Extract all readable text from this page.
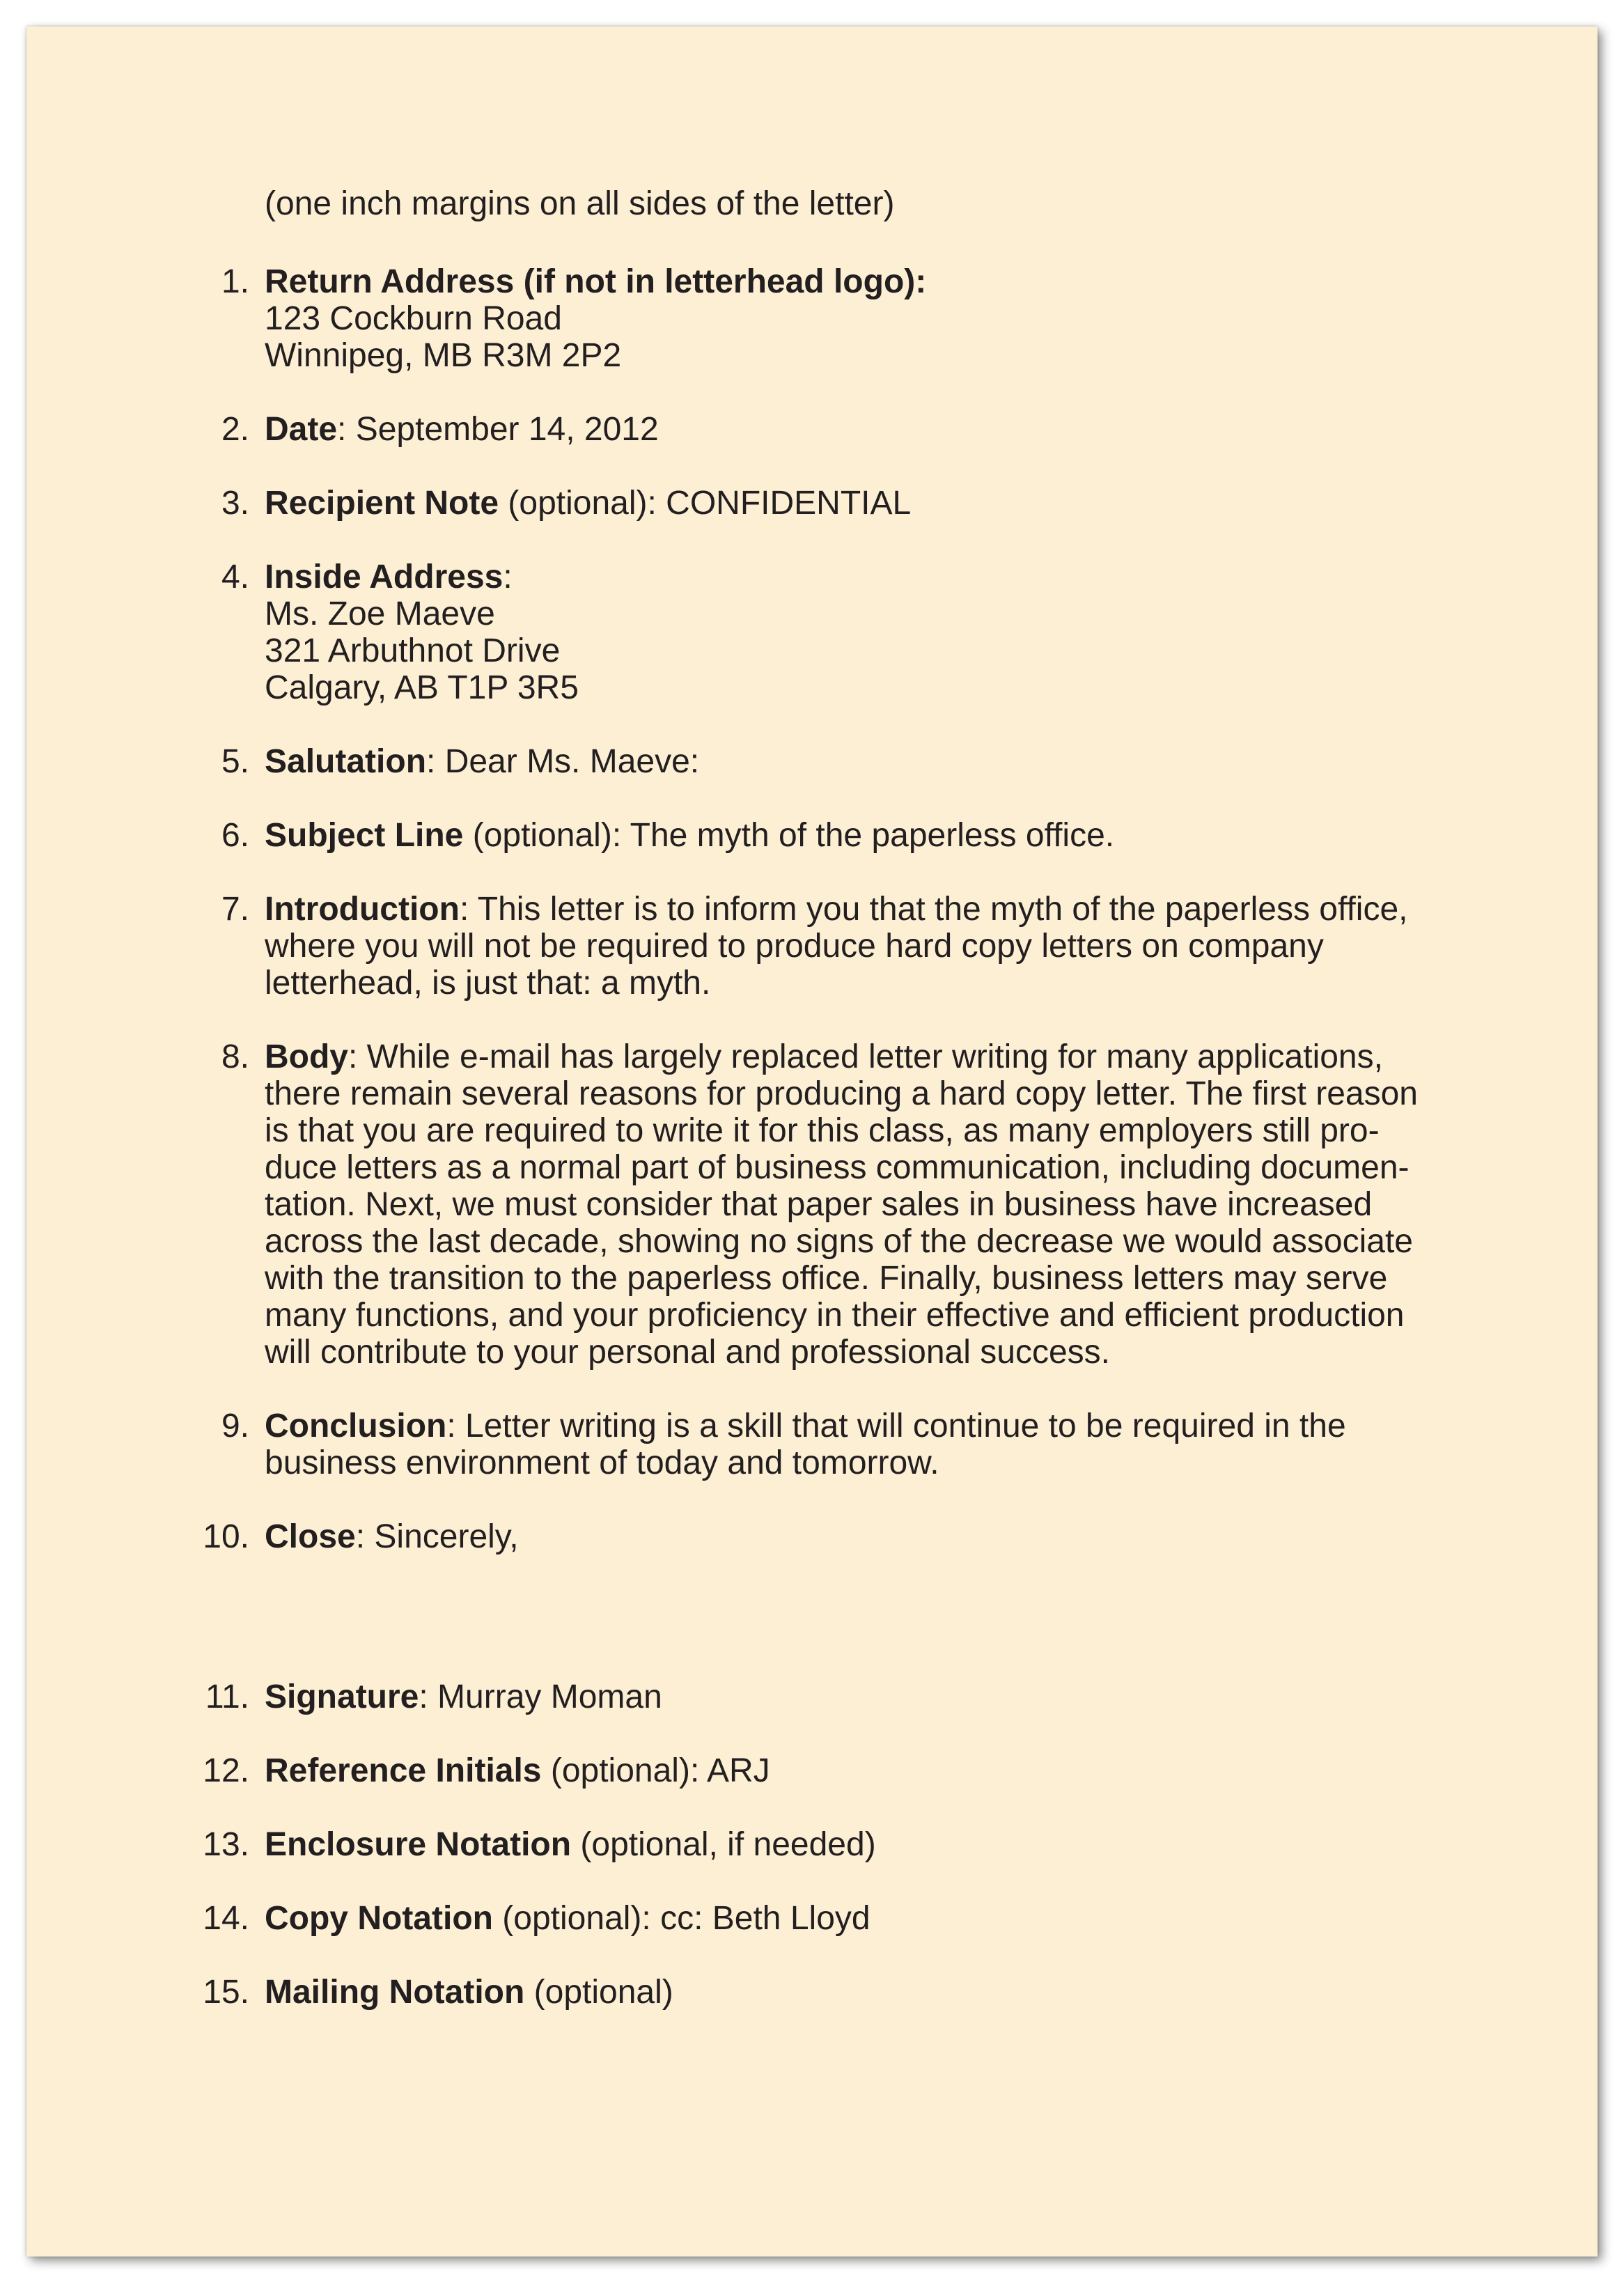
(one inch margins on all sides of the letter)

1. Return Address (if not in letterhead logo):
123 Cockburn Road
Winnipeg, MB R3M 2P2
2. Date: September 14, 2012
3. Recipient Note (optional): CONFIDENTIAL
4. Inside Address:
Ms. Zoe Maeve
321 Arbuthnot Drive
Calgary, AB T1P 3R5
5. Salutation: Dear Ms. Maeve:
6. Subject Line (optional): The myth of the paperless office.
7. Introduction: This letter is to inform you that the myth of the paperless office,
where you will not be required to produce hard copy letters on company
letterhead, is just that: a myth.
8. Body: While e-mail has largely replaced letter writing for many applications,
there remain several reasons for producing a hard copy letter. The first reason
is that you are required to write it for this class, as many employers still pro-
duce letters as a normal part of business communication, including documen-
tation. Next, we must consider that paper sales in business have increased
across the last decade, showing no signs of the decrease we would associate
with the transition to the paperless office. Finally, business letters may serve
many functions, and your proficiency in their effective and efficient production
will contribute to your personal and professional success.
9. Conclusion: Letter writing is a skill that will continue to be required in the
business environment of today and tomorrow.
10. Close: Sincerely,
11. Signature: Murray Moman
12. Reference Initials (optional): ARJ
13. Enclosure Notation (optional, if needed)
14. Copy Notation (optional): cc: Beth Lloyd
15. Mailing Notation (optional)
